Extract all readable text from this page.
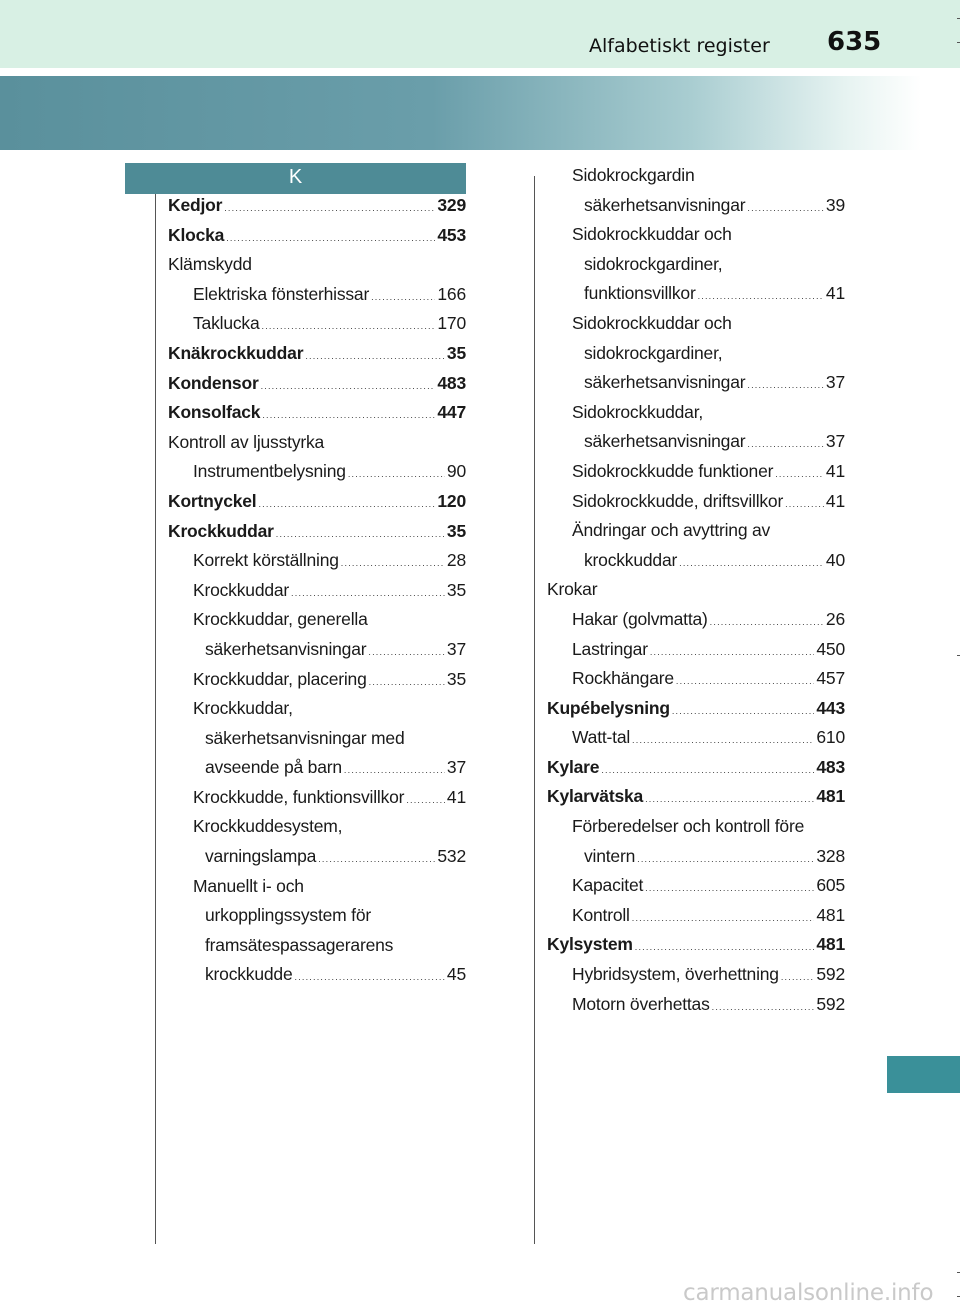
Alfabetiskt register 635
K
Kedjor .....	329
Klocka .....	453
Klämskydd
Elektriska fönsterhissar .....	166
Taklucka .....	170
Knäkrockkuddar .....	35
Kondensor .....	483
Konsolfack .....	447
Kontroll av ljusstyrka
Instrumentbelysning .....	90
Kortnyckel .....	120
Krockkuddar .....	35
Korrekt körställning .....	28
Krockkuddar .....	35
Krockkuddar, generella
säkerhetsanvisningar .....	37
Krockkuddar, placering .....	35
Krockkuddar,
säkerhetsanvisningar med
avseende på barn .....	37
Krockkudde, funktionsvillkor ..... 41
Krockkuddesystem,
varningslampa .....	532
Manuellt i- och
urkopplingssystem för
framsätespassagerarens
krockkudde .....	45
Sidokrockgardin
säkerhetsanvisningar .....	39
Sidokrockkuddar och
sidokrockgardiner,
funktionsvillkor .....	41
Sidokrockkuddar och
sidokrockgardiner,
säkerhetsanvisningar .....	37
Sidokrockkuddar,
säkerhetsanvisningar .....	37
Sidokrockkudde funktioner .....	41
Sidokrockkudde, driftsvillkor ..... 41
Ändringar och avyttring av
krockkuddar .....	40
Krokar
Hakar (golvmatta) .....	26
Lastringar .....	450
Rockhängare .....	457
Kupébelysning .....	443
Watt-tal .....	610
Kylare .....	483
Kylarvätska .....	481
Förberedelser och kontroll före
vintern .....	328
Kapacitet .....	605
Kontroll .....	481
Kylsystem .....	481
Hybridsystem, överhettning ..... 592
Motorn överhettas .....	592
carmanualsonline.info
